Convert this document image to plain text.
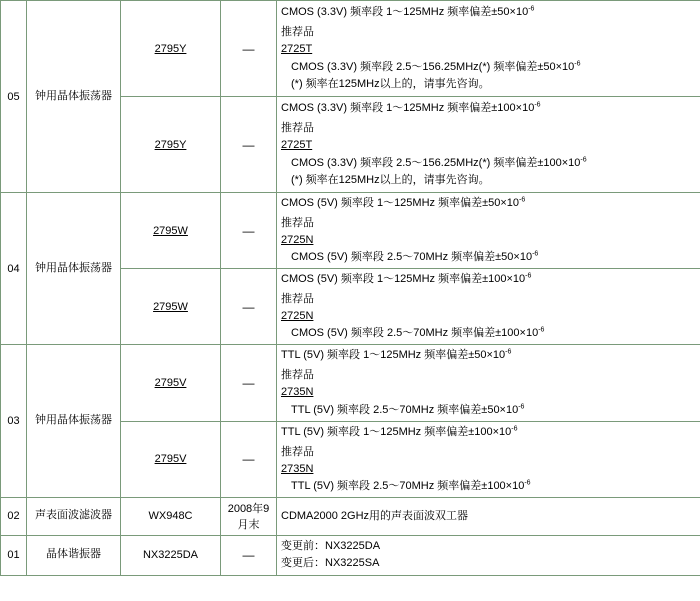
05	钟用晶体振荡器	2795Y	—	CMOS (3.3V) 频率段 1～125MHz 频率偏差$\pm 50\times 10^{-6}$
推荐品
2725T
CMOS (3.3V) 频率段 2.5～156.25MHz(*) 频率偏差$\pm 50\times 10^{-6}$
(*) 频率在125MHz以上的，请事先咨询。

		2795Y	—	CMOS (3.3V) 频率段 1～125MHz 频率偏差$\pm 100\times 10^{-6}$
推荐品
2725T
CMOS (3.3V) 频率段 2.5～156.25MHz(*) 频率偏差$\pm 100\times 10^{-6}$
(*) 频率在125MHz以上的，请事先咨询。

04	钟用晶体振荡器	2795W	—	CMOS (5V) 频率段 1～125MHz 频率偏差$\pm 50\times 10^{-6}$
推荐品
2725N
CMOS (5V) 频率段 2.5～70MHz 频率偏差$\pm 50\times 10^{-6}$

		2795W	—	CMOS (5V) 频率段 1～125MHz 频率偏差$\pm 100\times 10^{-6}$
推荐品
2725N
CMOS (5V) 频率段 2.5～70MHz 频率偏差$\pm 100\times 10^{-6}$

03	钟用晶体振荡器	2795V	—	TTL (5V) 频率段 1～125MHz 频率偏差$\pm 50\times 10^{-6}$
推荐品
2735N
TTL (5V) 频率段 2.5～70MHz 频率偏差$\pm 50\times 10^{-6}$

		2795V	—	TTL (5V) 频率段 1～125MHz 频率偏差$\pm 100\times 10^{-6}$
推荐品
2735N
TTL (5V) 频率段 2.5～70MHz 频率偏差$\pm 100\times 10^{-6}$

02	声表面波滤波器	WX948C	2008年9月末	CDMA2000 2GHz用的声表面波双工器

01	晶体谐振器	NX3225DA	—	变更前：NX3225DA
变更后：NX3225SA
